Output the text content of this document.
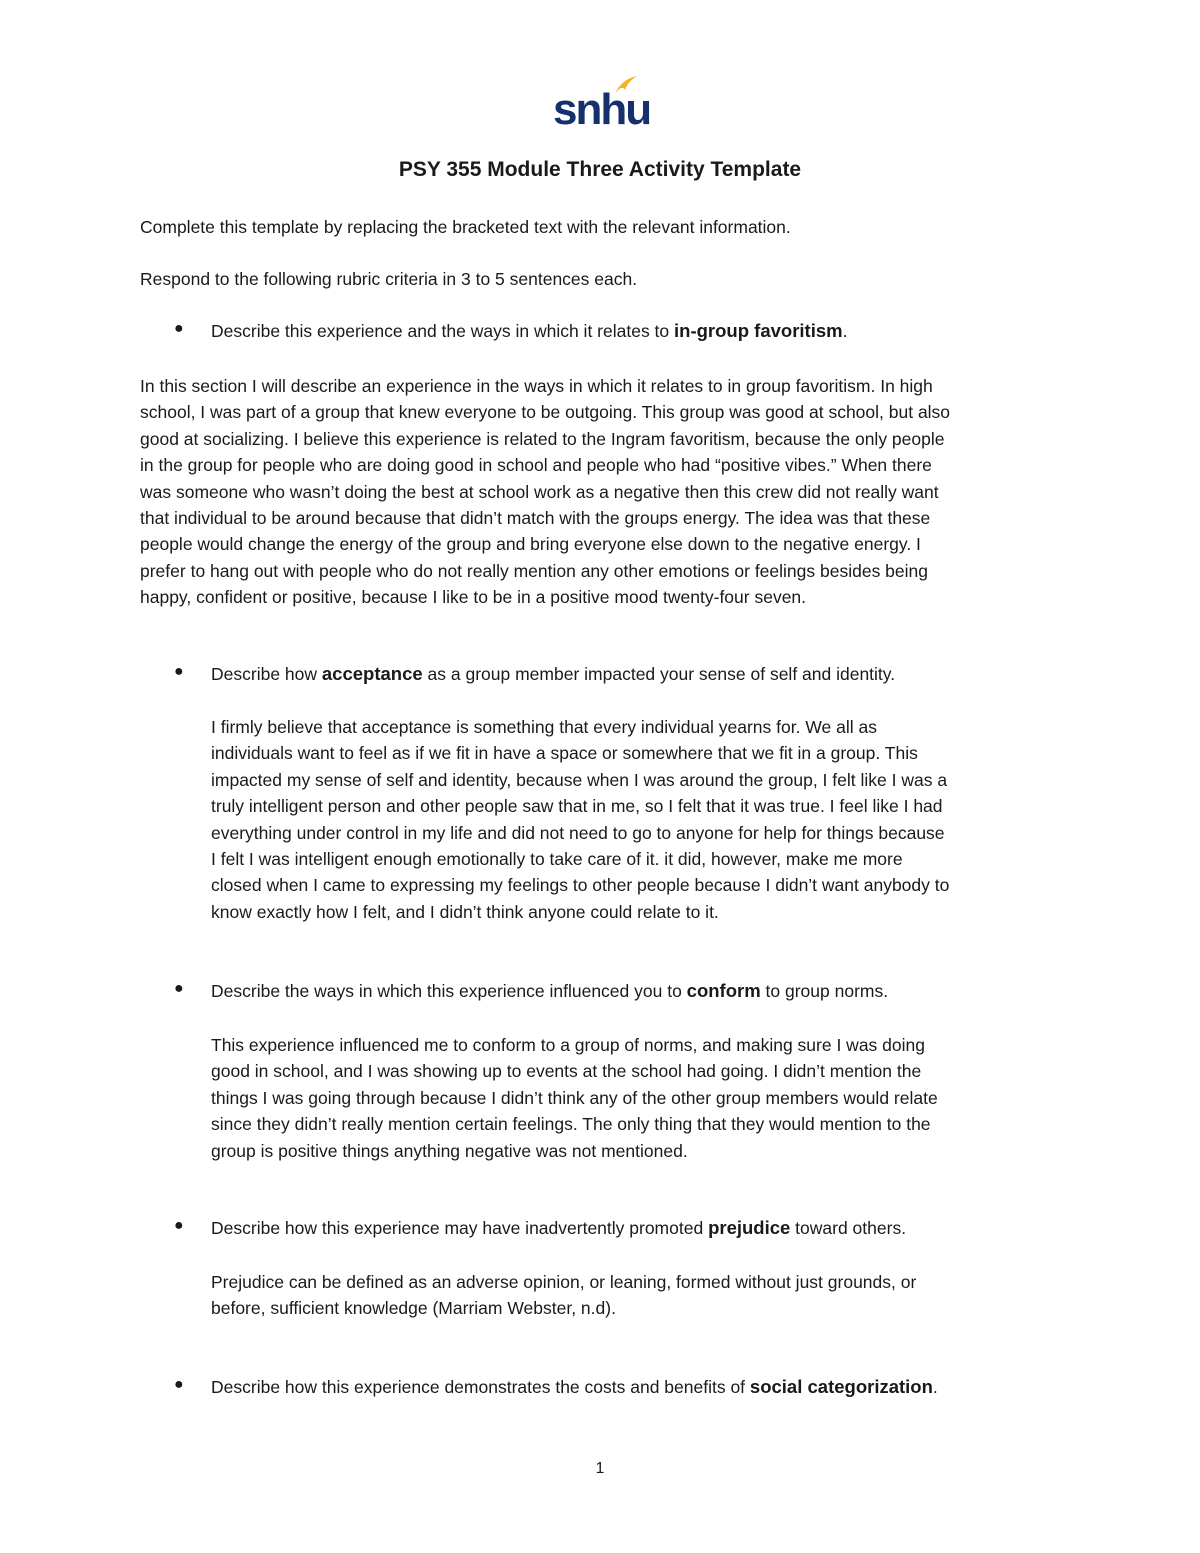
snhu
PSY 355 Module Three Activity Template
Complete this template by replacing the bracketed text with the relevant information.
Respond to the following rubric criteria in 3 to 5 sentences each.
● Describe this experience and the ways in which it relates to in-group favoritism.
In this section I will describe an experience in the ways in which it relates to in group favoritism. In high
school, I was part of a group that knew everyone to be outgoing. This group was good at school, but also
good at socializing. I believe this experience is related to the Ingram favoritism, because the only people
in the group for people who are doing good in school and people who had “positive vibes.” When there
was someone who wasn’t doing the best at school work as a negative then this crew did not really want
that individual to be around because that didn’t match with the groups energy. The idea was that these
people would change the energy of the group and bring everyone else down to the negative energy. I
prefer to hang out with people who do not really mention any other emotions or feelings besides being
happy, confident or positive, because I like to be in a positive mood twenty-four seven.
● Describe how acceptance as a group member impacted your sense of self and identity.
I firmly believe that acceptance is something that every individual yearns for. We all as
individuals want to feel as if we fit in have a space or somewhere that we fit in a group. This
impacted my sense of self and identity, because when I was around the group, I felt like I was a
truly intelligent person and other people saw that in me, so I felt that it was true. I feel like I had
everything under control in my life and did not need to go to anyone for help for things because
I felt I was intelligent enough emotionally to take care of it. it did, however, make me more
closed when I came to expressing my feelings to other people because I didn’t want anybody to
know exactly how I felt, and I didn’t think anyone could relate to it.
● Describe the ways in which this experience influenced you to conform to group norms.
This experience influenced me to conform to a group of norms, and making sure I was doing
good in school, and I was showing up to events at the school had going. I didn’t mention the
things I was going through because I didn’t think any of the other group members would relate
since they didn’t really mention certain feelings. The only thing that they would mention to the
group is positive things anything negative was not mentioned.
● Describe how this experience may have inadvertently promoted prejudice toward others.
Prejudice can be defined as an adverse opinion, or leaning, formed without just grounds, or
before, sufficient knowledge (Marriam Webster, n.d).
● Describe how this experience demonstrates the costs and benefits of social categorization.
1
